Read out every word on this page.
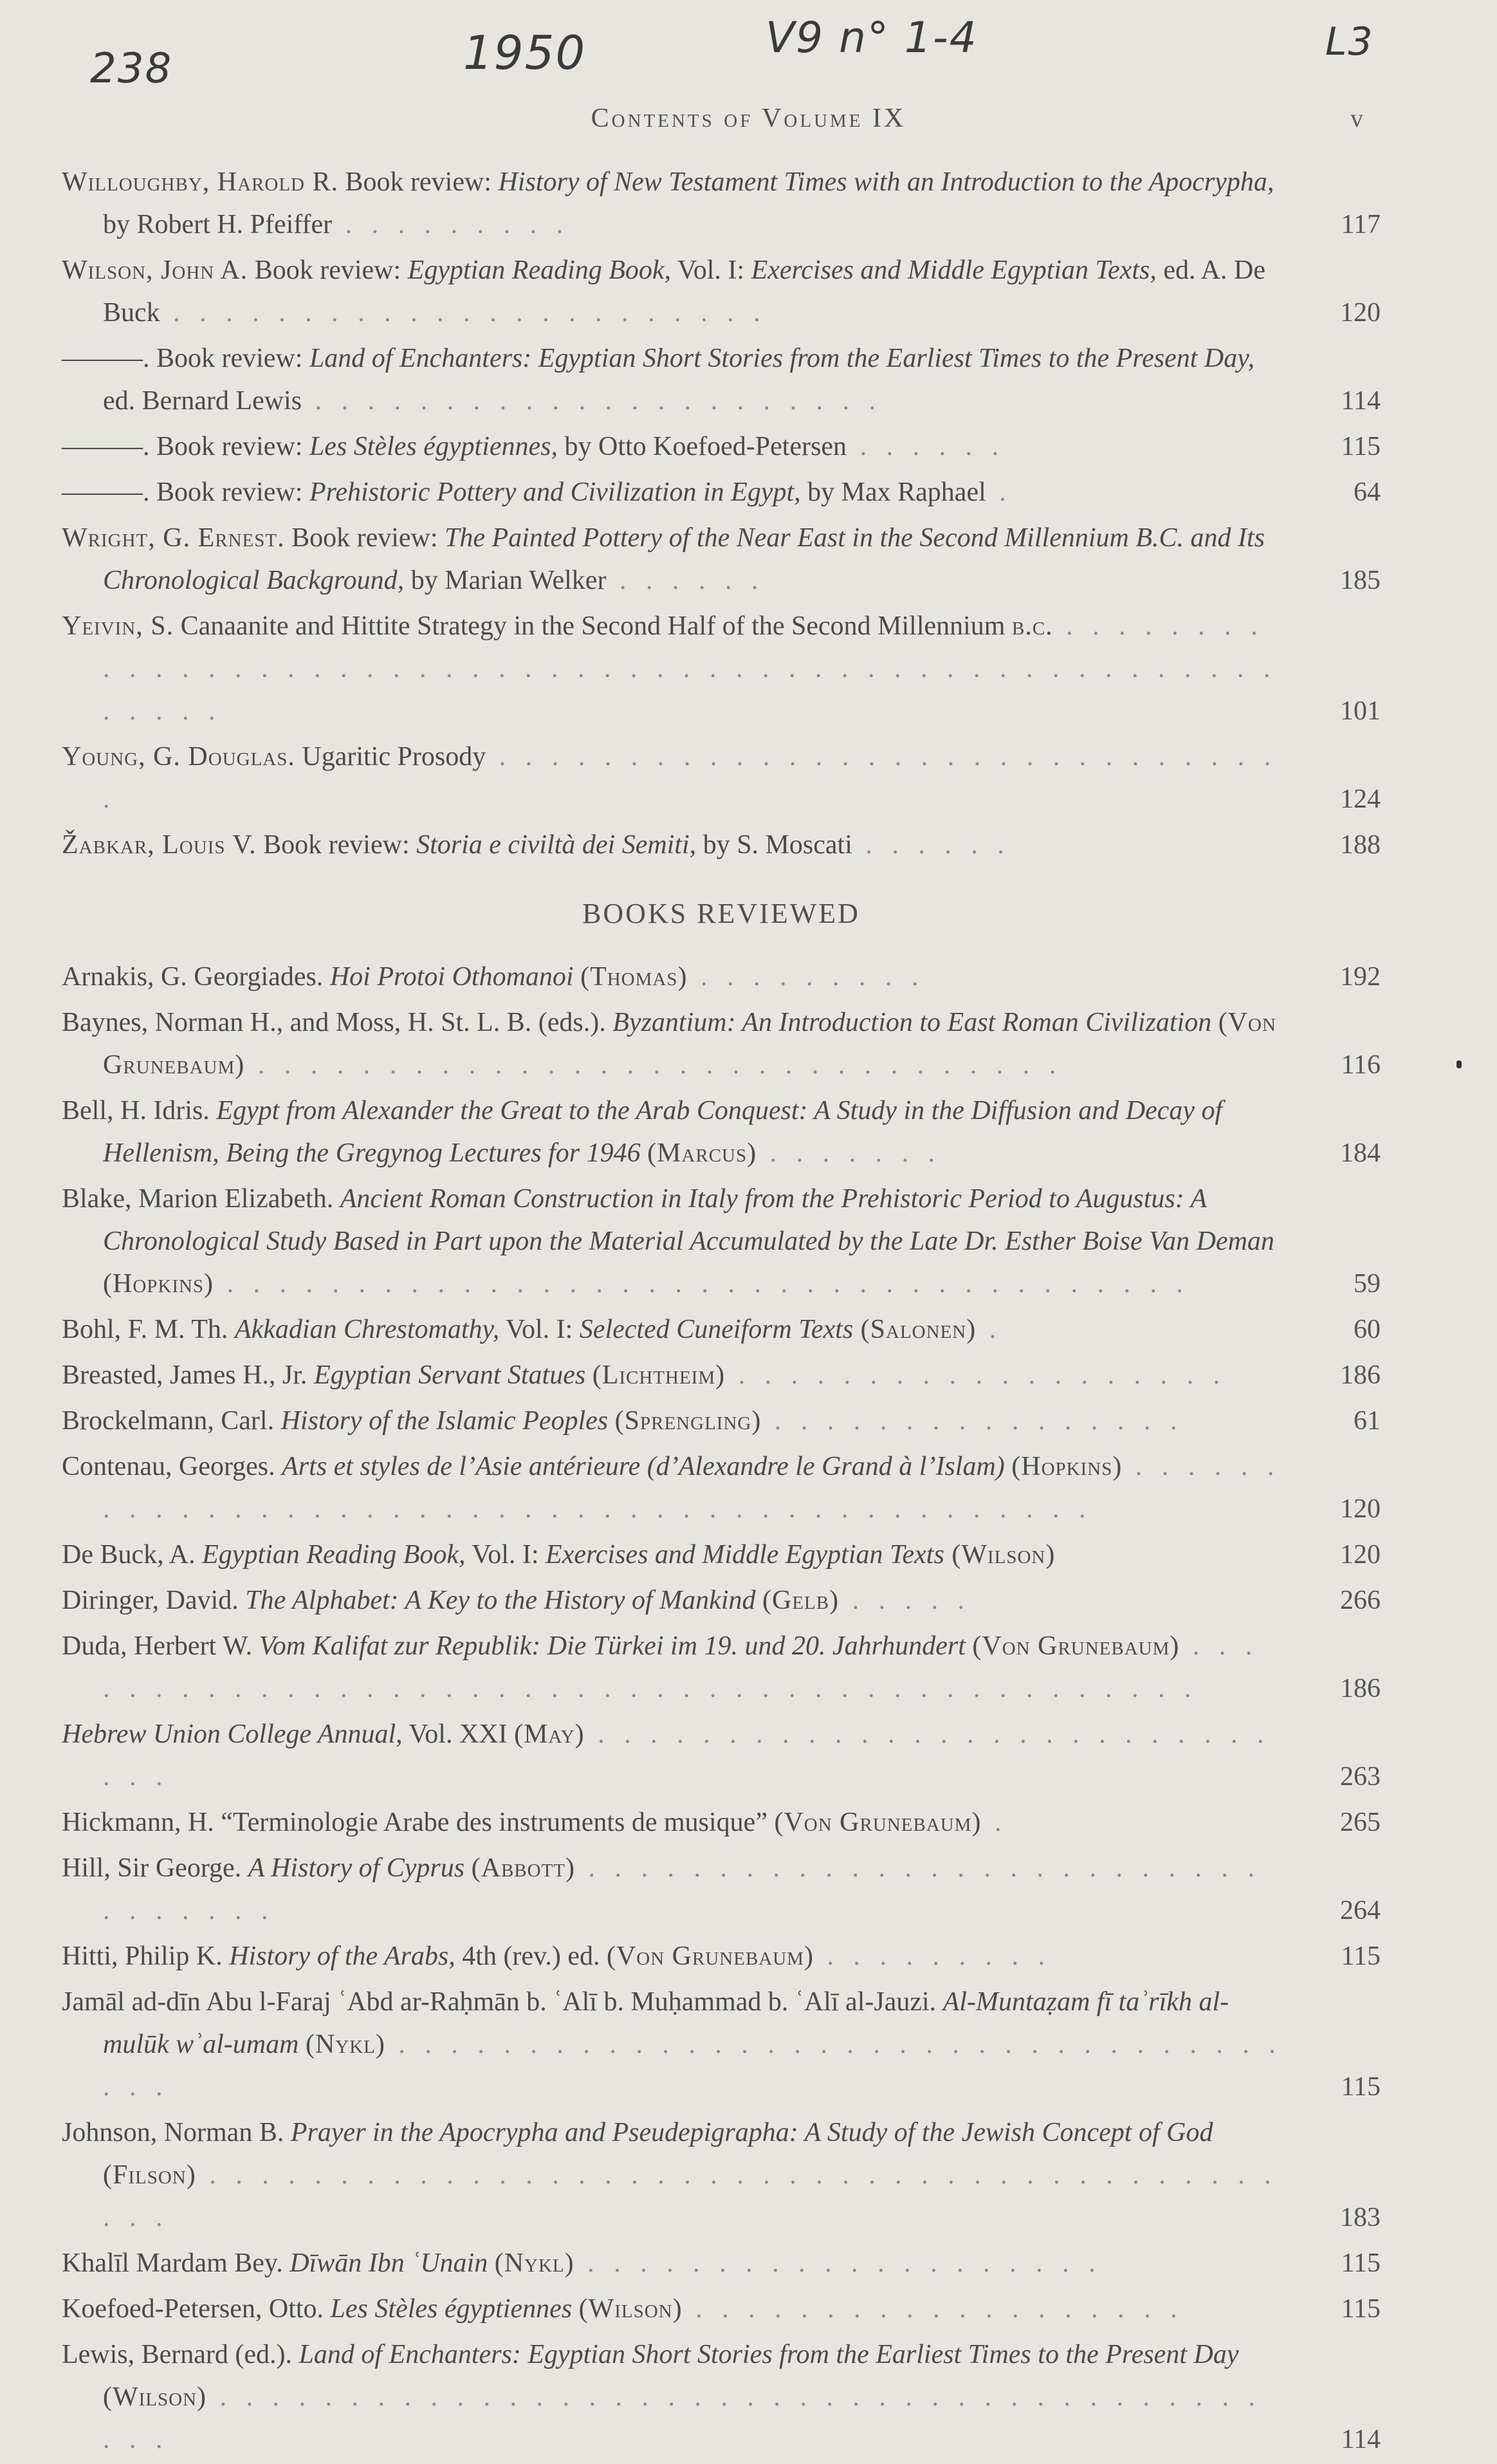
238	1950	V9 n° 1-4	L3
Contents of Volume IX	v
Willoughby, Harold R. Book review: History of New Testament Times with an Introduction to the Apocrypha, by Robert H. Pfeiffer . . . . . . . . .	117
Wilson, John A. Book review: Egyptian Reading Book, Vol. I: Exercises and Middle Egyptian Texts, ed. A. De Buck . . . . . . . . . . . . . . . . . . . . . . .	120
———. Book review: Land of Enchanters: Egyptian Short Stories from the Earliest Times to the Present Day, ed. Bernard Lewis . . . . . . . . . . . . . . . . . . . . . .	114
———. Book review: Les Stèles égyptiennes, by Otto Koefoed-Petersen . . . . . .	115
———. Book review: Prehistoric Pottery and Civilization in Egypt, by Max Raphael .	64
Wright, G. Ernest. Book review: The Painted Pottery of the Near East in the Second Millennium B.C. and Its Chronological Background, by Marian Welker . . . . . .	185
Yeivin, S. Canaanite and Hittite Strategy in the Second Half of the Second Millennium b.c. . . . . . . . . . . . . . . . . . . . . . . . . . . . . . . . . . . . . . . . . . . . . . . . . . . . . . . . . . .	101
Young, G. Douglas. Ugaritic Prosody . . . . . . . . . . . . . . . . . . . . . . . . . . . . . . .	124
Žabkar, Louis V. Book review: Storia e civiltà dei Semiti, by S. Moscati . . . . . .	188
BOOKS REVIEWED
Arnakis, G. Georgiades. Hoi Protoi Othomanoi (Thomas) . . . . . . . . .	192
Baynes, Norman H., and Moss, H. St. L. B. (eds.). Byzantium: An Introduction to East Roman Civilization (Von Grunebaum) . . . . . . . . . . . . . . . . . . . . . . . . . . . . . . .	116
Bell, H. Idris. Egypt from Alexander the Great to the Arab Conquest: A Study in the Diffusion and Decay of Hellenism, Being the Gregynog Lectures for 1946 (Marcus) . . . . . . .	184
Blake, Marion Elizabeth. Ancient Roman Construction in Italy from the Prehistoric Period to Augustus: A Chronological Study Based in Part upon the Material Accumulated by the Late Dr. Esther Boise Van Deman (Hopkins) . . . . . . . . . . . . . . . . . . . . . . . . . . . . . . . . . . . . .	59
Bohl, F. M. Th. Akkadian Chrestomathy, Vol. I: Selected Cuneiform Texts (Salonen) .	60
Breasted, James H., Jr. Egyptian Servant Statues (Lichtheim) . . . . . . . . . . . . . . . . . . .	186
Brockelmann, Carl. History of the Islamic Peoples (Sprengling) . . . . . . . . . . . . . . . .	61
Contenau, Georges. Arts et styles de l’Asie antérieure (d’Alexandre le Grand à l’Islam) (Hopkins) . . . . . . . . . . . . . . . . . . . . . . . . . . . . . . . . . . . . . . . . . . . .	120
De Buck, A. Egyptian Reading Book, Vol. I: Exercises and Middle Egyptian Texts (Wilson)	120
Diringer, David. The Alphabet: A Key to the History of Mankind (Gelb) . . . . .	266
Duda, Herbert W. Vom Kalifat zur Republik: Die Türkei im 19. und 20. Jahrhundert (Von Grunebaum) . . . . . . . . . . . . . . . . . . . . . . . . . . . . . . . . . . . . . . . . . . . . .	186
Hebrew Union College Annual, Vol. XXI (May) . . . . . . . . . . . . . . . . . . . . . . . . . . . . .	263
Hickmann, H. “Terminologie Arabe des instruments de musique” (Von Grunebaum) .	265
Hill, Sir George. A History of Cyprus (Abbott) . . . . . . . . . . . . . . . . . . . . . . . . . . . . . . . . .	264
Hitti, Philip K. History of the Arabs, 4th (rev.) ed. (Von Grunebaum) . . . . . . . . .	115
Jamāl ad-dīn Abu l-Faraj ʿAbd ar-Raḥmān b. ʿAlī b. Muḥammad b. ʿAlī al-Jauzi. Al-Muntaẓam fī taʾrīkh al-mulūk wʾal-umam (Nykl) . . . . . . . . . . . . . . . . . . . . . . . . . . . . . . . . . . . . .	115
Johnson, Norman B. Prayer in the Apocrypha and Pseudepigrapha: A Study of the Jewish Concept of God (Filson) . . . . . . . . . . . . . . . . . . . . . . . . . . . . . . . . . . . . . . . . . . . .	183
Khalīl Mardam Bey. Dīwān Ibn ʿUnain (Nykl) . . . . . . . . . . . . . . . . . . . .	115
Koefoed-Petersen, Otto. Les Stèles égyptiennes (Wilson) . . . . . . . . . . . . . . . . . . .	115
Lewis, Bernard (ed.). Land of Enchanters: Egyptian Short Stories from the Earliest Times to the Present Day (Wilson) . . . . . . . . . . . . . . . . . . . . . . . . . . . . . . . . . . . . . . . . . . .	114
